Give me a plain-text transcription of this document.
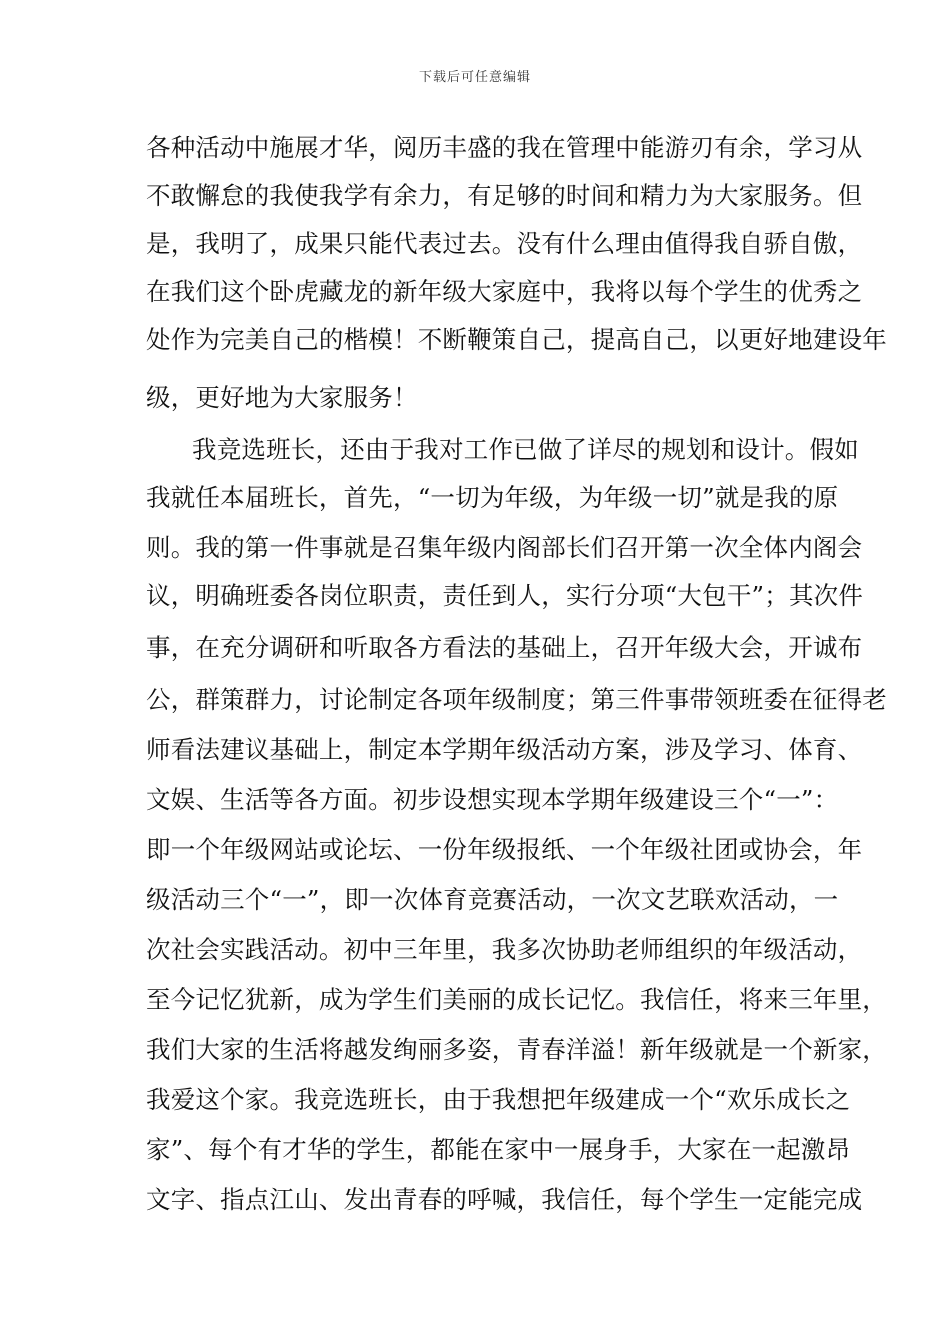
下载后可任意编辑
各种活动中施展才华，阅历丰盛的我在管理中能游刃有余，学习从
不敢懈怠的我使我学有余力，有足够的时间和精力为大家服务。但
是，我明了，成果只能代表过去。没有什么理由值得我自骄自傲，
在我们这个卧虎藏龙的新年级大家庭中，我将以每个学生的优秀之
处作为完美自己的楷模！不断鞭策自己，提高自己，以更好地建设年
级，更好地为大家服务！
我竞选班长，还由于我对工作已做了详尽的规划和设计。假如
我就任本届班长，首先，“一切为年级，为年级一切”就是我的原
则。我的第一件事就是召集年级内阁部长们召开第一次全体内阁会
议，明确班委各岗位职责，责任到人，实行分项“大包干”；其次件
事，在充分调研和听取各方看法的基础上，召开年级大会，开诚布
公，群策群力，讨论制定各项年级制度；第三件事带领班委在征得老
师看法建议基础上，制定本学期年级活动方案，涉及学习、体育、
文娱、生活等各方面。初步设想实现本学期年级建设三个“一”：
即一个年级网站或论坛、一份年级报纸、一个年级社团或协会，年
级活动三个“一”，即一次体育竞赛活动，一次文艺联欢活动，一
次社会实践活动。初中三年里，我多次协助老师组织的年级活动，
至今记忆犹新，成为学生们美丽的成长记忆。我信任，将来三年里，
我们大家的生活将越发绚丽多姿，青春洋溢！新年级就是一个新家，
我爱这个家。我竞选班长，由于我想把年级建成一个“欢乐成长之
家”、每个有才华的学生，都能在家中一展身手，大家在一起激昂
文字、指点江山、发出青春的呼喊，我信任，每个学生一定能完成
